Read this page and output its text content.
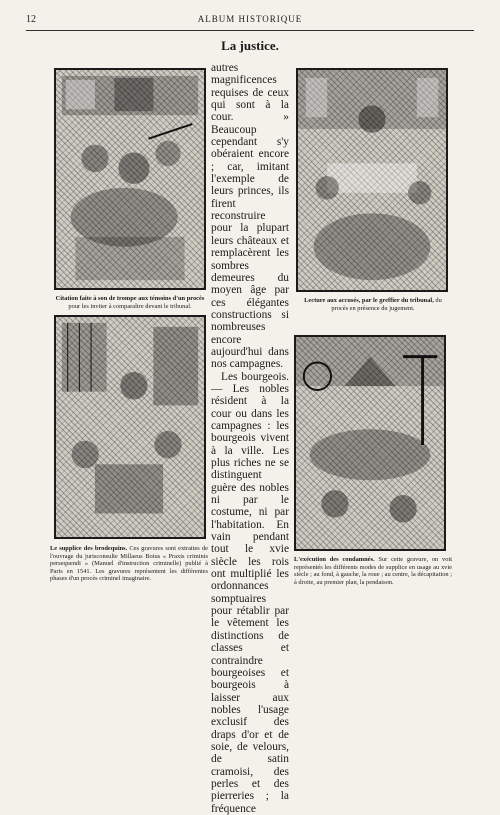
12	ALBUM HISTORIQUE
La justice.
Citation faite à son de trompe aux témoins d'un procès pour les inviter à comparaître devant le tribunal.
Lecture aux accusés, par le greffier du tribunal, du procès en présence du jugement.
Le supplice des brodequins. Ces gravures sont extraites de l'ouvrage du jurisconsulte Millaeus Boius « Praxis criminis persequendi » (Manuel d'instruction criminelle) publié à Paris en 1541. Les gravures représentent les différentes phases d'un procès criminel imaginaire.
L'exécution des condamnés. Sur cette gravure, on voit représentés les différents modes de supplice en usage au xvie siècle ; au fond, à gauche, la roue ; au centre, la décapitation ; à droite, au premier plan, la pendaison.

autres magnificences requises de ceux qui sont à la cour. » Beaucoup cependant s'y obéraient encore ; car, imitant l'exemple de leurs princes, ils firent reconstruire pour la plupart leurs châteaux et remplacèrent les sombres demeures du moyen âge par ces élégantes constructions si nombreuses encore aujourd'hui dans nos campagnes.

Les bourgeois. — Les nobles résident à la cour ou dans les campagnes : les bourgeois vivent à la ville. Les plus riches ne se distinguent guère des nobles ni par le costume, ni par l'habitation. En vain pendant tout le xvie siècle les rois ont multiplié les ordonnances somptuaires pour rétablir par le vêtement les distinctions de classes et contraindre bourgeoises et bourgeois à laisser aux nobles l'usage exclusif des draps d'or et de soie, de velours, de satin cramoisi, des perles et des pierreries ; la fréquence
